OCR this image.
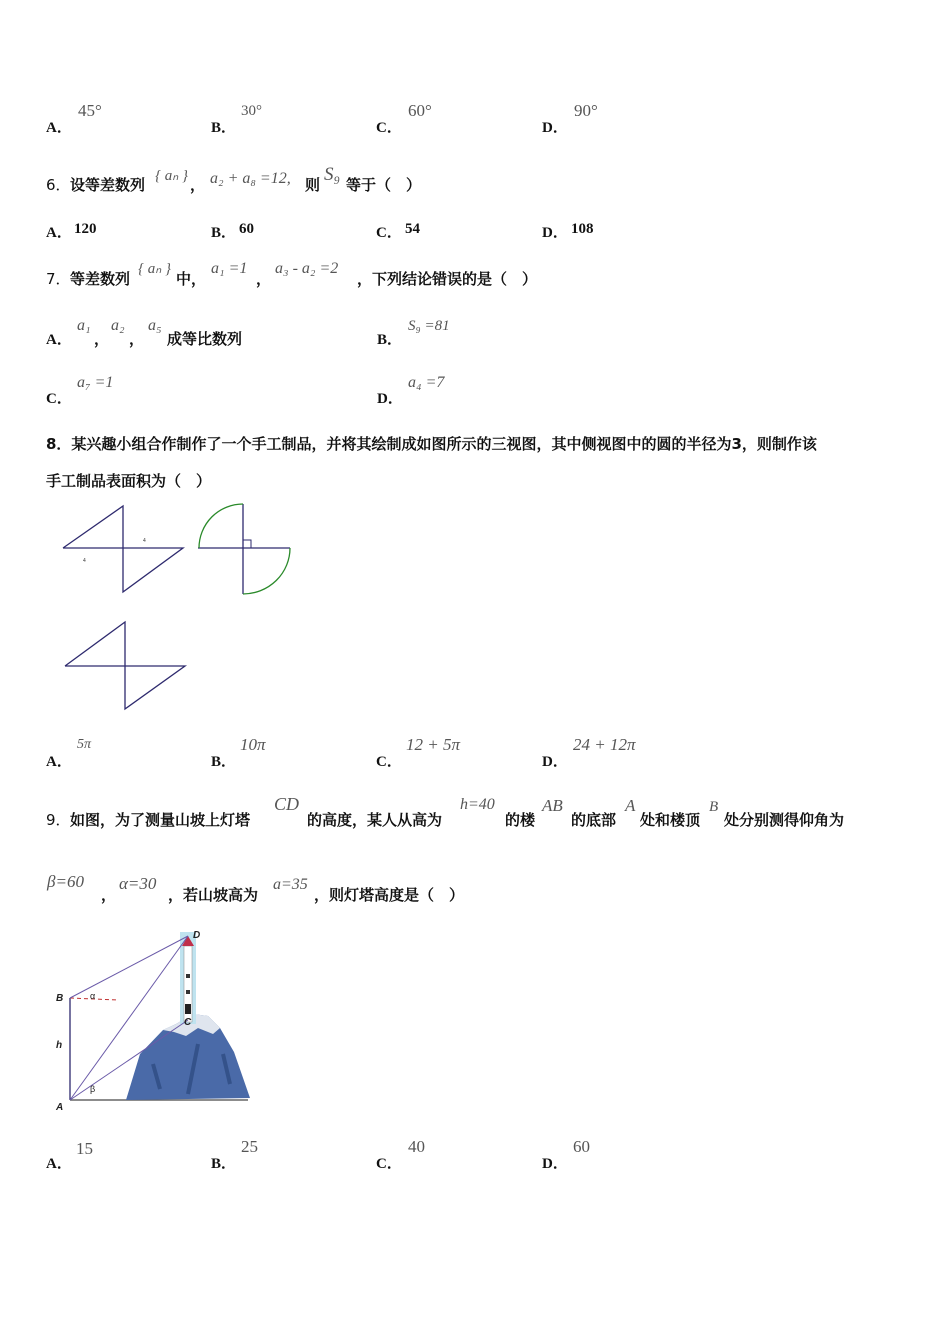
A．
45°
B．
30°
C．
60°
D．
90°
6． 设等差数列 { aₙ } ， a₂ + a₈ =12, 则 S₉ 等于（　）
A． 120	B． 60	C． 54	D． 108
7． 等差数列
{ aₙ }
中，
a₁ =1
，
a₃ - a₂ =2
，下列结论错误的是（　）
A．
a₁
，
a₂
，
a₅
成等比数列	B．
S₉ =81
C．
a₇ =1
D．
a₄ =7
8．某兴趣小组合作制作了一个手工制品，并将其绘制成如图所示的三视图，其中侧视图中的圆的半径为3，则制作该
手工制品表面积为（　）
4
4
A．
5π
B．
10π
C．
12 + 5π
D．
24 + 12π
9． 如图，为了测量山坡上灯塔
CD
的高度，某人从高为
h=40
的楼
AB
的底部
A
处和楼顶
B
处分别测得仰角为
β=60
，
α=30
，若山坡高为
a=35
，则灯塔高度是（　）
D
B	α
h
β
A
C
A．
15
B．
25
C．
40
D．
60
